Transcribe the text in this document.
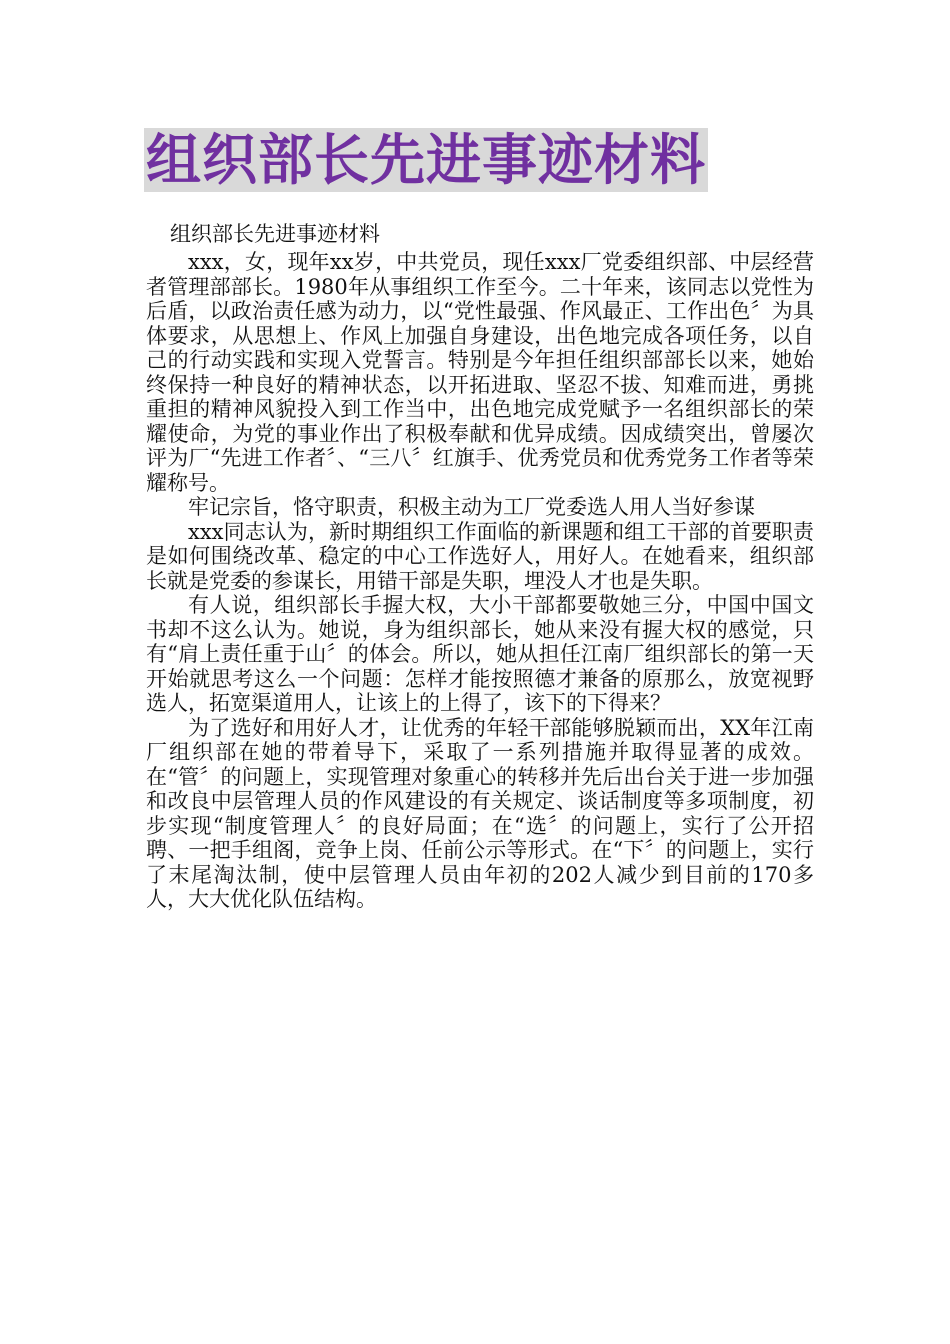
组织部长先进事迹材料

组织部长先进事迹材料

xxx，女，现年xx岁，中共党员，现任xxx厂党委组织部、中层经营者管理部部长。1980年从事组织工作至今。二十年来，该同志以党性为后盾，以政治责任感为动力，以“党性最强、作风最正、工作出色〞为具体要求，从思想上、作风上加强自身建设，出色地完成各项任务，以自己的行动实践和实现入党誓言。特别是今年担任组织部部长以来，她始终保持一种良好的精神状态，以开拓进取、坚忍不拔、知难而进，勇挑重担的精神风貌投入到工作当中，出色地完成党赋予一名组织部长的荣耀使命，为党的事业作出了积极奉献和优异成绩。因成绩突出，曾屡次评为厂“先进工作者〞、“三八〞红旗手、优秀党员和优秀党务工作者等荣耀称号。

牢记宗旨，恪守职责，积极主动为工厂党委选人用人当好参谋

xxx同志认为，新时期组织工作面临的新课题和组工干部的首要职责是如何围绕改革、稳定的中心工作选好人，用好人。在她看来，组织部长就是党委的参谋长，用错干部是失职，埋没人才也是失职。

有人说，组织部长手握大权，大小干部都要敬她三分，中国中国文书却不这么认为。她说，身为组织部长，她从来没有握大权的感觉，只有“肩上责任重于山〞的体会。所以，她从担任江南厂组织部长的第一天开始就思考这么一个问题：怎样才能按照德才兼备的原那么，放宽视野选人，拓宽渠道用人，让该上的上得了，该下的下得来？

为了选好和用好人才，让优秀的年轻干部能够脱颖而出，XX年江南厂组织部在她的带着导下，采取了一系列措施并取得显著的成效。在“管〞的问题上，实现管理对象重心的转移并先后出台关于进一步加强和改良中层管理人员的作风建设的有关规定、谈话制度等多项制度，初步实现“制度管理人〞的良好局面；在“选〞的问题上，实行了公开招聘、一把手组阁，竞争上岗、任前公示等形式。在“下〞的问题上，实行了末尾淘汰制，使中层管理人员由年初的202人减少到目前的170多人，大大优化队伍结构。
